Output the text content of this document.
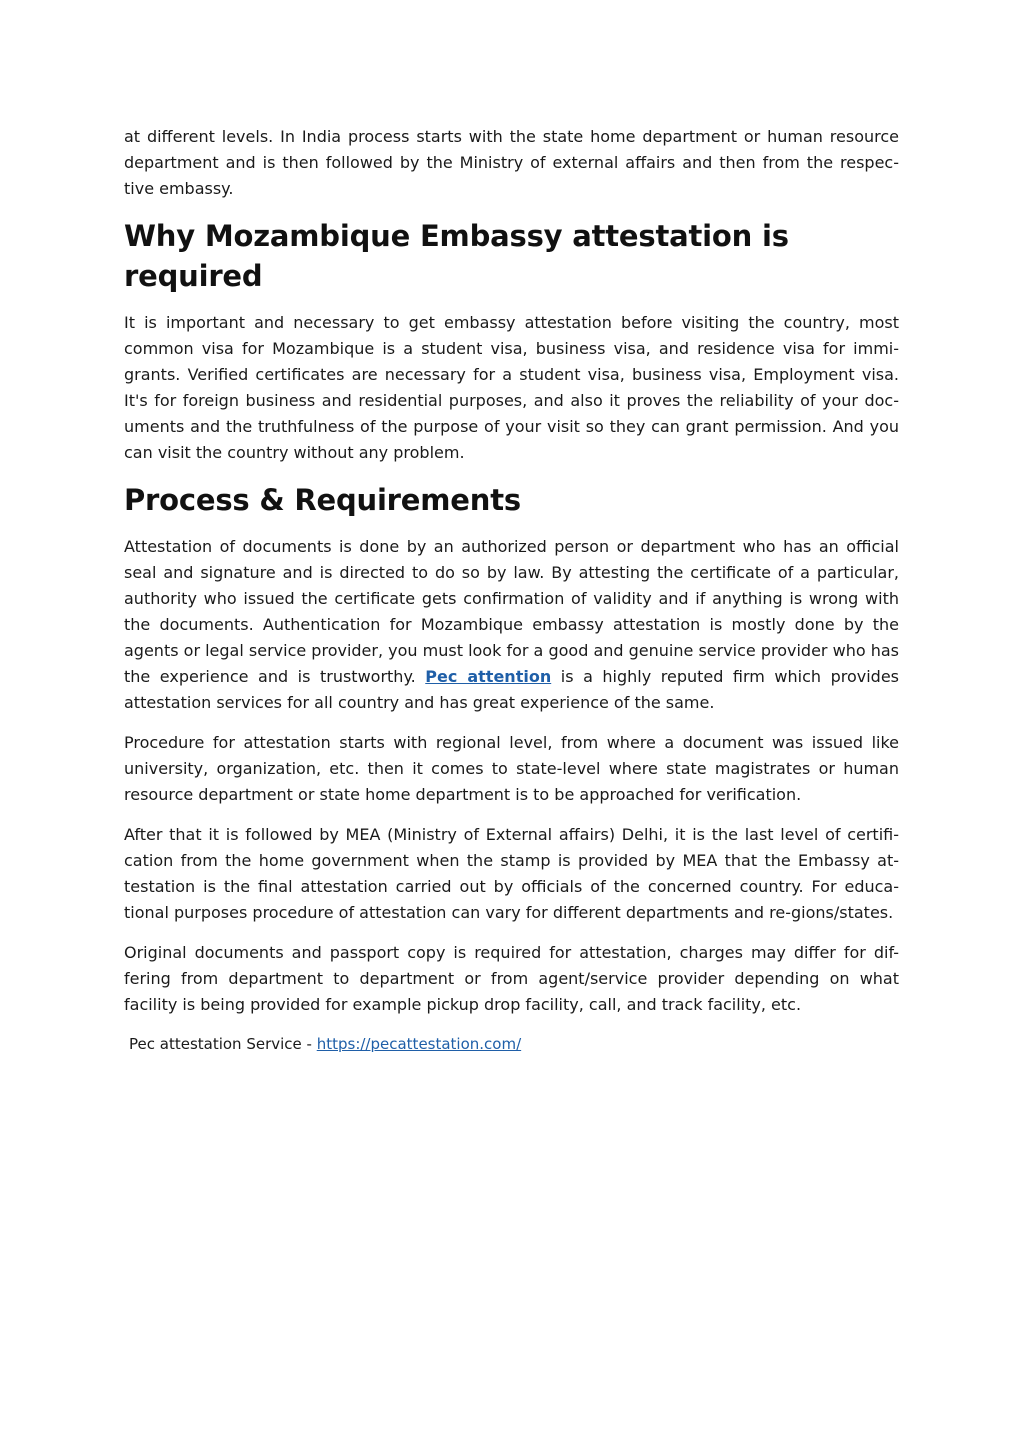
at different levels. In India process starts with the state home department or human resource department and is then followed by the Ministry of external affairs and then from the respec-tive embassy.

Why Mozambique Embassy attestation is required

It is important and necessary to get embassy attestation before visiting the country, most common visa for Mozambique is a student visa, business visa, and residence visa for immi-grants. Verified certificates are necessary for a student visa, business visa, Employment visa. It's for foreign business and residential purposes, and also it proves the reliability of your doc-uments and the truthfulness of the purpose of your visit so they can grant permission. And you can visit the country without any problem.

Process & Requirements

Attestation of documents is done by an authorized person or department who has an official seal and signature and is directed to do so by law. By attesting the certificate of a particular, authority who issued the certificate gets confirmation of validity and if anything is wrong with the documents. Authentication for Mozambique embassy attestation is mostly done by the agents or legal service provider, you must look for a good and genuine service provider who has the experience and is trustworthy. Pec attention is a highly reputed firm which provides attestation services for all country and has great experience of the same.

Procedure for attestation starts with regional level, from where a document was issued like university, organization, etc. then it comes to state-level where state magistrates or human resource department or state home department is to be approached for verification.

After that it is followed by MEA (Ministry of External affairs) Delhi, it is the last level of certifi-cation from the home government when the stamp is provided by MEA that the Embassy at-testation is the final attestation carried out by officials of the concerned country. For educa-tional purposes procedure of attestation can vary for different departments and re-gions/states.

Original documents and passport copy is required for attestation, charges may differ for dif-fering from department to department or from agent/service provider depending on what facility is being provided for example pickup drop facility, call, and track facility, etc.

Pec attestation Service - https://pecattestation.com/
